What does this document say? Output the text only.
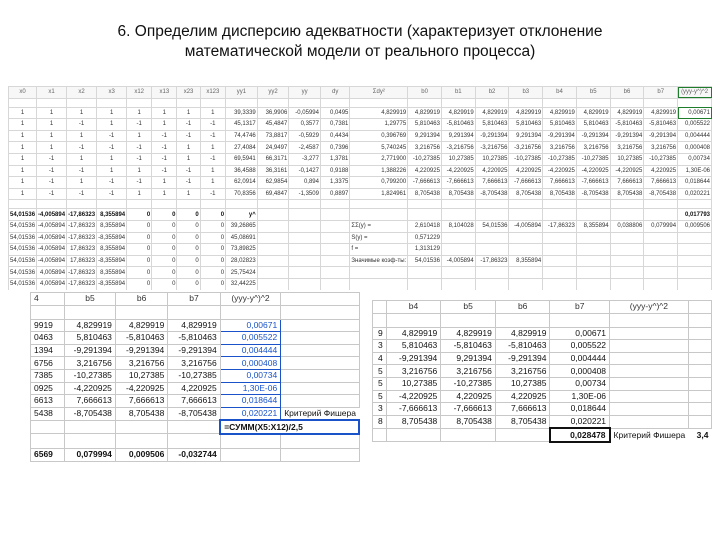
6. Определим дисперсию адекватности (характеризует отклонение
математической модели от реального процесса)
x0	x1	x2	x3	x12	x13	x23	x123	yy1	yy2	yy	dy	Σdy²	b0	b1	b2	b3	b4	b5	b6	b7	(yyy-y^)^2

1	1	1	1	1	1	1	1	39,3339	36,9906	-0,05994	0,0495	4,829919	4,829919	4,829919	4,829919	4,829919	4,829919	4,829919	4,829919	4,829919	0,00671
1	1	-1	1	-1	1	-1	-1	45,1317	45,4847	0,3577	0,7381	1,29775	5,810463	-5,810463	5,810463	5,810463	5,810463	5,810463	-5,810463	-5,810463	0,005522
1	1	1	-1	1	-1	-1	-1	74,4746	73,8817	-0,5929	0,4434	0,396769	9,291394	9,291394	-9,291394	9,291394	-9,291394	-9,291394	-9,291394	-9,291394	0,004444
1	1	-1	-1	-1	-1	1	1	27,4084	24,9497	-2,4587	0,7396	5,740245	3,216756	-3,216756	-3,216756	-3,216756	3,216756	3,216756	3,216756	3,216756	0,000408
1	-1	1	1	-1	-1	1	-1	69,5941	66,3171	-3,277	1,3781	2,771900	-10,27385	10,27385	10,27385	-10,27385	-10,27385	-10,27385	10,27385	-10,27385	0,00734
1	-1	-1	1	1	-1	-1	1	36,4588	36,3161	-0,1427	0,9188	1,388226	4,220925	-4,220925	4,220925	4,220925	-4,220925	-4,220925	-4,220925	4,220925	1,30E-06
1	-1	1	-1	-1	1	-1	1	62,0914	62,9854	0,894	1,3375	0,799200	-7,666613	-7,666613	7,666613	-7,666613	7,666613	-7,666613	7,666613	7,666613	0,018644
1	-1	-1	-1	1	1	1	-1	70,8356	69,4847	-1,3509	0,8897	1,824961	8,705438	8,705438	-8,705438	8,705438	8,705438	-8,705438	8,705438	-8,705438	0,020221

54,01536	-4,005894	-17,86323	8,355894	0	0	0	0	y^													0,017793
54,01536	-4,005894	-17,86323	8,355894	0	0	0	0	39,26865				ΣΣ(y) =	2,610418	8,104028	54,01536	-4,005894	-17,86323	8,355894	0,038806	0,079994	0,009506
54,01536	-4,005894	-17,86323	-8,355894	0	0	0	0	45,08691				S(y) =	0,571229								
54,01536	-4,005894	17,86323	8,355894	0	0	0	0	73,89825				f =	1,313129								
54,01536	-4,005894	17,86323	-8,355894	0	0	0	0	28,02823				Значимые коэф-ты:	54,01536	-4,005894	-17,86323	8,355894					
54,01536	4,005894	-17,86323	8,355894	0	0	0	0	25,75424													
54,01536	4,005894	-17,86323	-8,355894	0	0	0	0	32,44225													

4	b5	b6	b7	(yyy-y^)^2	

9919	4,829919	4,829919	4,829919	0,00671	
0463	5,810463	-5,810463	-5,810463	0,005522	
1394	-9,291394	-9,291394	-9,291394	0,004444	
6756	3,216756	3,216756	3,216756	0,000408	
7385	-10,27385	10,27385	-10,27385	0,00734	
0925	-4,220925	-4,220925	4,220925	1,30E-06	
6613	7,666613	7,666613	7,666613	0,018644	
5438	-8,705438	8,705438	-8,705438	0,020221	Критерий Фишера
				=СУММ(X5:X12)/2,5	

6569	0,079994	0,009506	-0,032744		
	b4	b5	b6	b7	(yyy-y^)^2	

9	4,829919	4,829919	4,829919	0,00671		
3	5,810463	-5,810463	-5,810463	0,005522		
4	-9,291394	9,291394	-9,291394	0,004444		
5	3,216756	3,216756	3,216756	0,000408		
5	10,27385	-10,27385	10,27385	0,00734		
5	-4,220925	4,220925	4,220925	1,30E-06		
3	-7,666613	-7,666613	7,666613	0,018644		
8	8,705438	8,705438	8,705438	0,020221		
				0,028478	Критерий Фишера	3,4
